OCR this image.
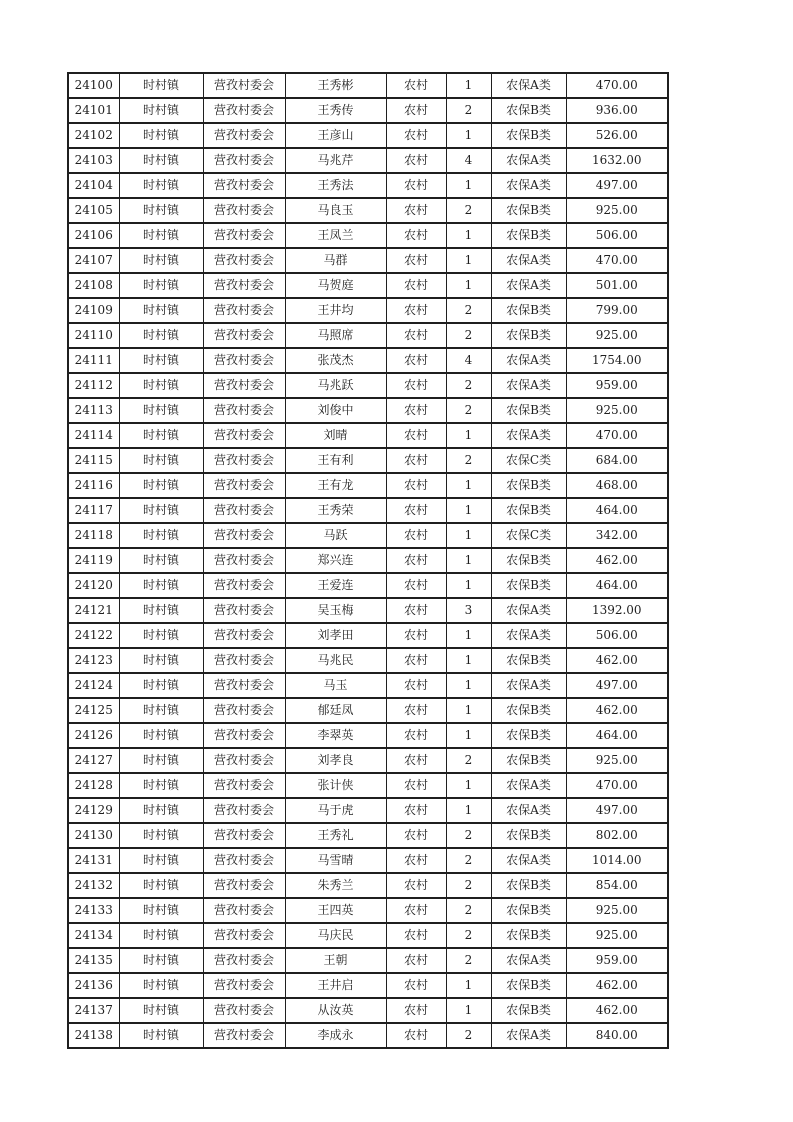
24100	时村镇	营孜村委会	王秀彬	农村	1	农保A类	470.00
24101	时村镇	营孜村委会	王秀传	农村	2	农保B类	936.00
24102	时村镇	营孜村委会	王彦山	农村	1	农保B类	526.00
24103	时村镇	营孜村委会	马兆芹	农村	4	农保A类	1632.00
24104	时村镇	营孜村委会	王秀法	农村	1	农保A类	497.00
24105	时村镇	营孜村委会	马良玉	农村	2	农保B类	925.00
24106	时村镇	营孜村委会	王凤兰	农村	1	农保B类	506.00
24107	时村镇	营孜村委会	马群	农村	1	农保A类	470.00
24108	时村镇	营孜村委会	马贺庭	农村	1	农保A类	501.00
24109	时村镇	营孜村委会	王井均	农村	2	农保B类	799.00
24110	时村镇	营孜村委会	马照席	农村	2	农保B类	925.00
24111	时村镇	营孜村委会	张茂杰	农村	4	农保A类	1754.00
24112	时村镇	营孜村委会	马兆跃	农村	2	农保A类	959.00
24113	时村镇	营孜村委会	刘俊中	农村	2	农保B类	925.00
24114	时村镇	营孜村委会	刘晴	农村	1	农保A类	470.00
24115	时村镇	营孜村委会	王有利	农村	2	农保C类	684.00
24116	时村镇	营孜村委会	王有龙	农村	1	农保B类	468.00
24117	时村镇	营孜村委会	王秀荣	农村	1	农保B类	464.00
24118	时村镇	营孜村委会	马跃	农村	1	农保C类	342.00
24119	时村镇	营孜村委会	郑兴连	农村	1	农保B类	462.00
24120	时村镇	营孜村委会	王爱连	农村	1	农保B类	464.00
24121	时村镇	营孜村委会	吴玉梅	农村	3	农保A类	1392.00
24122	时村镇	营孜村委会	刘孝田	农村	1	农保A类	506.00
24123	时村镇	营孜村委会	马兆民	农村	1	农保B类	462.00
24124	时村镇	营孜村委会	马玉	农村	1	农保A类	497.00
24125	时村镇	营孜村委会	郁廷凤	农村	1	农保B类	462.00
24126	时村镇	营孜村委会	李翠英	农村	1	农保B类	464.00
24127	时村镇	营孜村委会	刘孝良	农村	2	农保B类	925.00
24128	时村镇	营孜村委会	张计侠	农村	1	农保A类	470.00
24129	时村镇	营孜村委会	马于虎	农村	1	农保A类	497.00
24130	时村镇	营孜村委会	王秀礼	农村	2	农保B类	802.00
24131	时村镇	营孜村委会	马雪晴	农村	2	农保A类	1014.00
24132	时村镇	营孜村委会	朱秀兰	农村	2	农保B类	854.00
24133	时村镇	营孜村委会	王四英	农村	2	农保B类	925.00
24134	时村镇	营孜村委会	马庆民	农村	2	农保B类	925.00
24135	时村镇	营孜村委会	王朝	农村	2	农保A类	959.00
24136	时村镇	营孜村委会	王井启	农村	1	农保B类	462.00
24137	时村镇	营孜村委会	从汝英	农村	1	农保B类	462.00
24138	时村镇	营孜村委会	李成永	农村	2	农保A类	840.00
